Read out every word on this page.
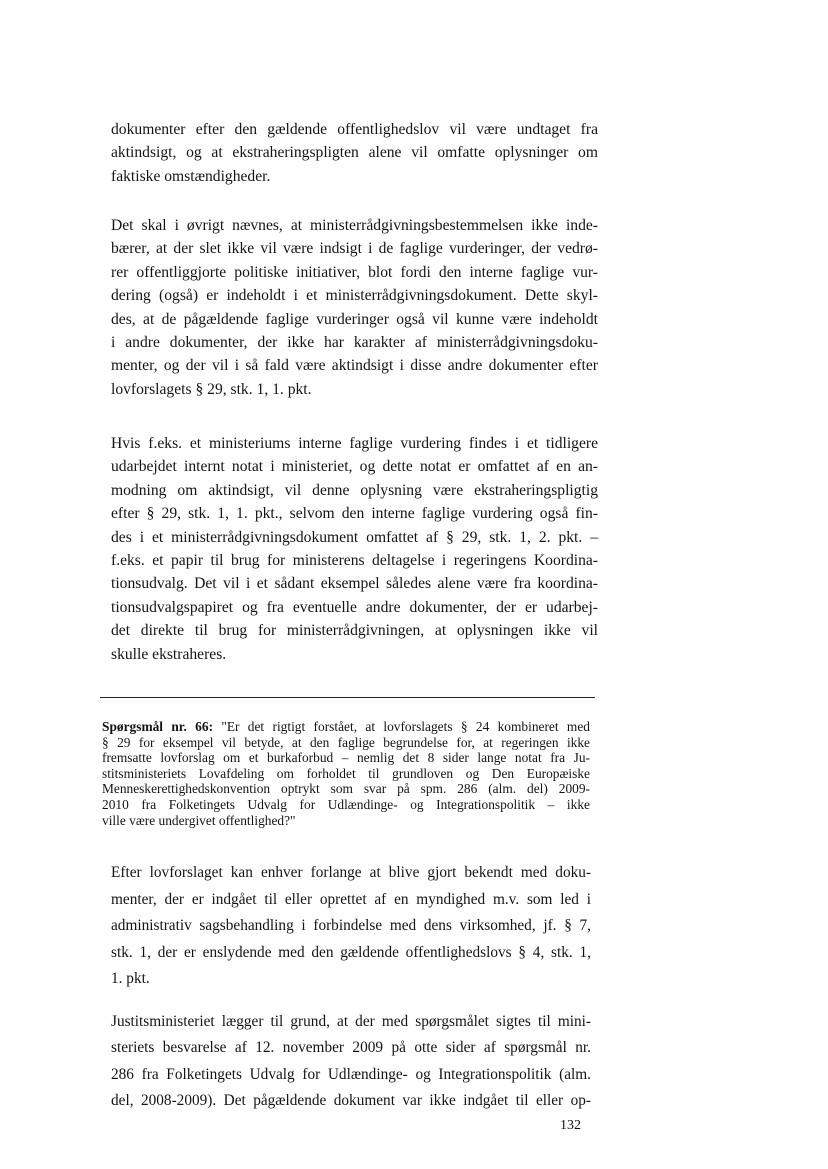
dokumenter efter den gældende offentlighedslov vil være undtaget fra
aktindsigt, og at ekstraheringspligten alene vil omfatte oplysninger om
faktiske omstændigheder.

Det skal i øvrigt nævnes, at ministerrådgivningsbestemmelsen ikke inde-
bærer, at der slet ikke vil være indsigt i de faglige vurderinger, der vedrø-
rer offentliggjorte politiske initiativer, blot fordi den interne faglige vur-
dering (også) er indeholdt i et ministerrådgivningsdokument. Dette skyl-
des, at de pågældende faglige vurderinger også vil kunne være indeholdt
i andre dokumenter, der ikke har karakter af ministerrådgivningsdoku-
menter, og der vil i så fald være aktindsigt i disse andre dokumenter efter
lovforslagets § 29, stk. 1, 1. pkt.

Hvis f.eks. et ministeriums interne faglige vurdering findes i et tidligere
udarbejdet internt notat i ministeriet, og dette notat er omfattet af en an-
modning om aktindsigt, vil denne oplysning være ekstraheringspligtig
efter § 29, stk. 1, 1. pkt., selvom den interne faglige vurdering også fin-
des i et ministerrådgivningsdokument omfattet af § 29, stk. 1, 2. pkt. –
f.eks. et papir til brug for ministerens deltagelse i regeringens Koordina-
tionsudvalg. Det vil i et sådant eksempel således alene være fra koordina-
tionsudvalgspapiret og fra eventuelle andre dokumenter, der er udarbej-
det direkte til brug for ministerrådgivningen, at oplysningen ikke vil
skulle ekstraheres.

Spørgsmål nr. 66: "Er det rigtigt forstået, at lovforslagets § 24 kombineret med
§ 29 for eksempel vil betyde, at den faglige begrundelse for, at regeringen ikke
fremsatte lovforslag om et burkaforbud – nemlig det 8 sider lange notat fra Ju-
stitsministeriets Lovafdeling om forholdet til grundloven og Den Europæiske
Menneskerettighedskonvention optrykt som svar på spm. 286 (alm. del) 2009-
2010 fra Folketingets Udvalg for Udlændinge- og Integrationspolitik – ikke
ville være undergivet offentlighed?"

Efter lovforslaget kan enhver forlange at blive gjort bekendt med doku-
menter, der er indgået til eller oprettet af en myndighed m.v. som led i
administrativ sagsbehandling i forbindelse med dens virksomhed, jf. § 7,
stk. 1, der er enslydende med den gældende offentlighedslovs § 4, stk. 1,
1. pkt.

Justitsministeriet lægger til grund, at der med spørgsmålet sigtes til mini-
steriets besvarelse af 12. november 2009 på otte sider af spørgsmål nr.
286 fra Folketingets Udvalg for Udlændinge- og Integrationspolitik (alm.
del, 2008-2009). Det pågældende dokument var ikke indgået til eller op-

132
